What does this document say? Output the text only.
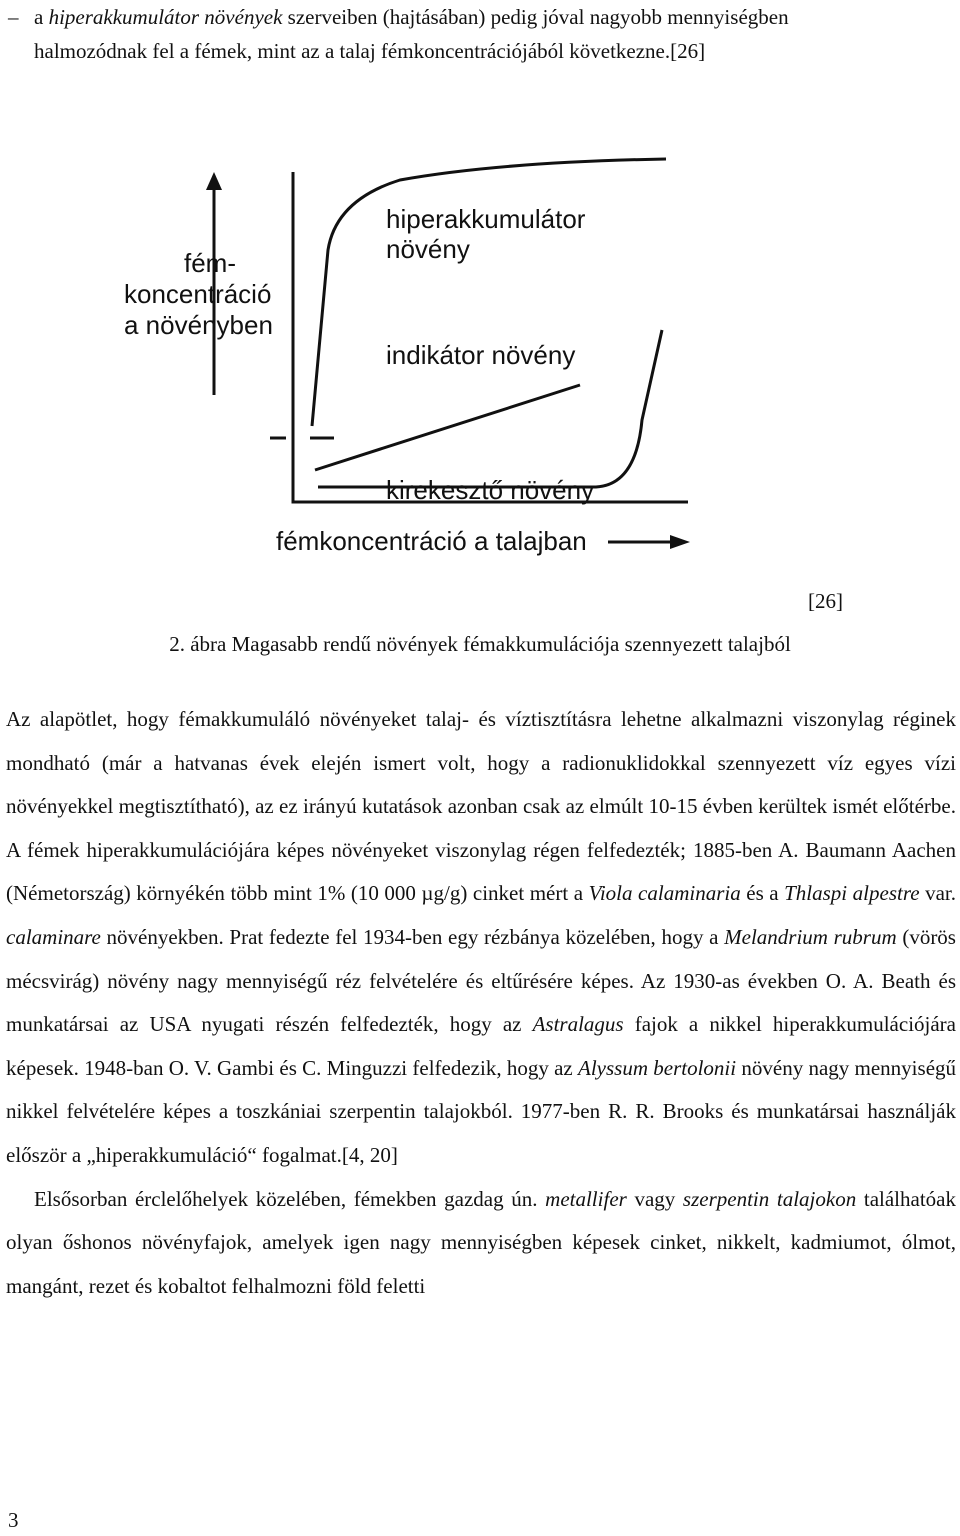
– a hiperakkumulátor növények szerveiben (hajtásában) pedig jóval nagyobb mennyiségben
halmozódnak fel a fémek, mint az a talaj fémkoncentrációjából következne.[26]
fém-
koncentráció
a növényben
hiperakkumulátor
növény
indikátor növény
kirekesztő növény
fémkoncentráció a talajban
[26]
2. ábra Magasabb rendű növények fémakkumulációja szennyezett talajból

Az alapötlet, hogy fémakkumuláló növényeket talaj- és víztisztításra lehetne alkalmazni viszonylag réginek mondható (már a hatvanas évek elején ismert volt, hogy a radionuklidokkal szennyezett víz egyes vízi növényekkel megtisztítható), az ez irányú kutatások azonban csak az elmúlt 10-15 évben kerültek ismét előtérbe. A fémek hiperakkumulációjára képes növényeket viszonylag régen felfedezték; 1885-ben A. Baumann Aachen (Németország) környékén több mint 1% (10 000 µg/g) cinket mért a Viola calaminaria és a Thlaspi alpestre var. calaminare növényekben. Prat fedezte fel 1934-ben egy rézbánya közelében, hogy a Melandrium rubrum (vörös mécsvirág) növény nagy mennyiségű réz felvételére és eltűrésére képes. Az 1930-as években O. A. Beath és munkatársai az USA nyugati részén felfedezték, hogy az Astralagus fajok a nikkel hiperakkumulációjára képesek. 1948-ban O. V. Gambi és C. Minguzzi felfedezik, hogy az Alyssum bertolonii növény nagy mennyiségű nikkel felvételére képes a toszkániai szerpentin talajokból. 1977-ben R. R. Brooks és munkatársai használják először a „hiperakkumuláció“ fogalmat.[4, 20]

Elsősorban érclelőhelyek közelében, fémekben gazdag ún. metallifer vagy szerpentin talajokon találhatóak olyan őshonos növényfajok, amelyek igen nagy mennyiségben képesek cinket, nikkelt, kadmiumot, ólmot, mangánt, rezet és kobaltot felhalmozni föld feletti

3
